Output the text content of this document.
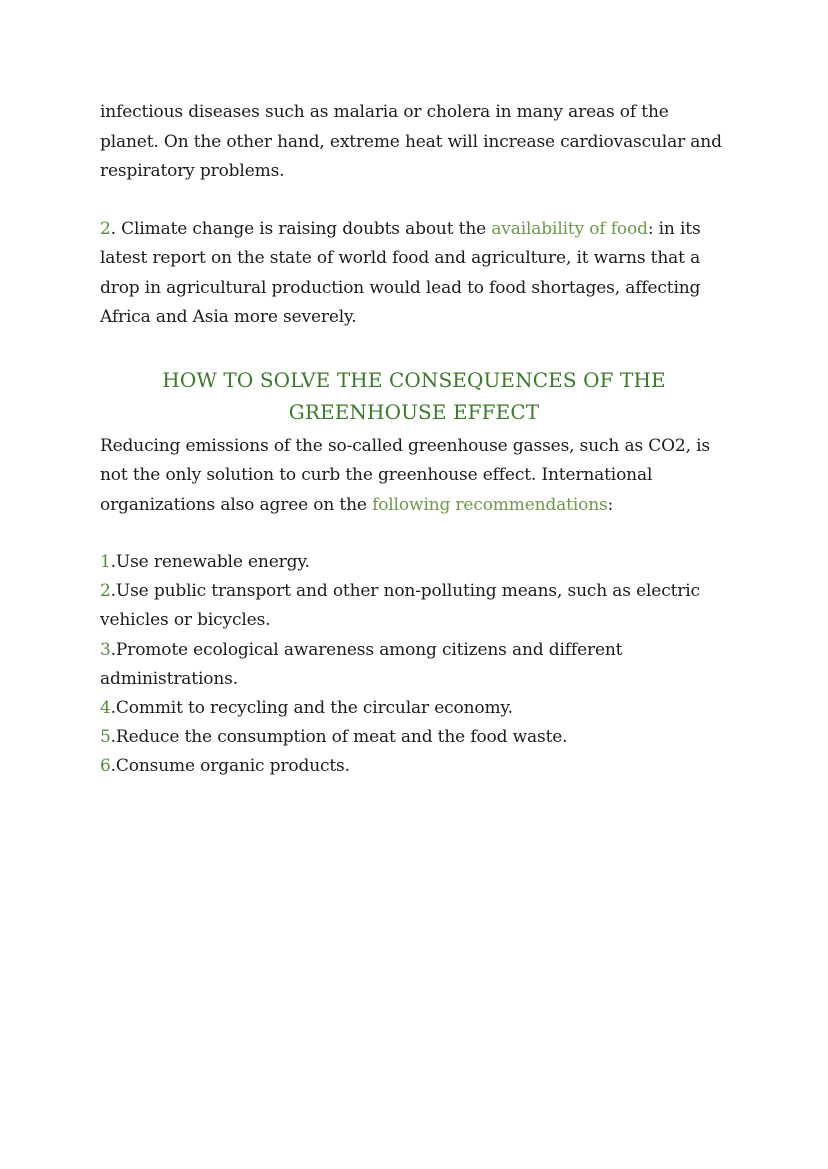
infectious diseases such as malaria or cholera in many areas of the planet. On the other hand, extreme heat will increase cardiovascular and respiratory problems.

2. Climate change is raising doubts about the availability of food: in its latest report on the state of world food and agriculture, it warns that a drop in agricultural production would lead to food shortages, affecting Africa and Asia more severely.

HOW TO SOLVE THE CONSEQUENCES OF THE
GREENHOUSE EFFECT

Reducing emissions of the so-called greenhouse gasses, such as CO2, is not the only solution to curb the greenhouse effect. International organizations also agree on the following recommendations:

1.Use renewable energy.
2.Use public transport and other non-polluting means, such as electric vehicles or bicycles.
3.Promote ecological awareness among citizens and different administrations.
4.Commit to recycling and the circular economy.
5.Reduce the consumption of meat and the food waste.
6.Consume organic products.
